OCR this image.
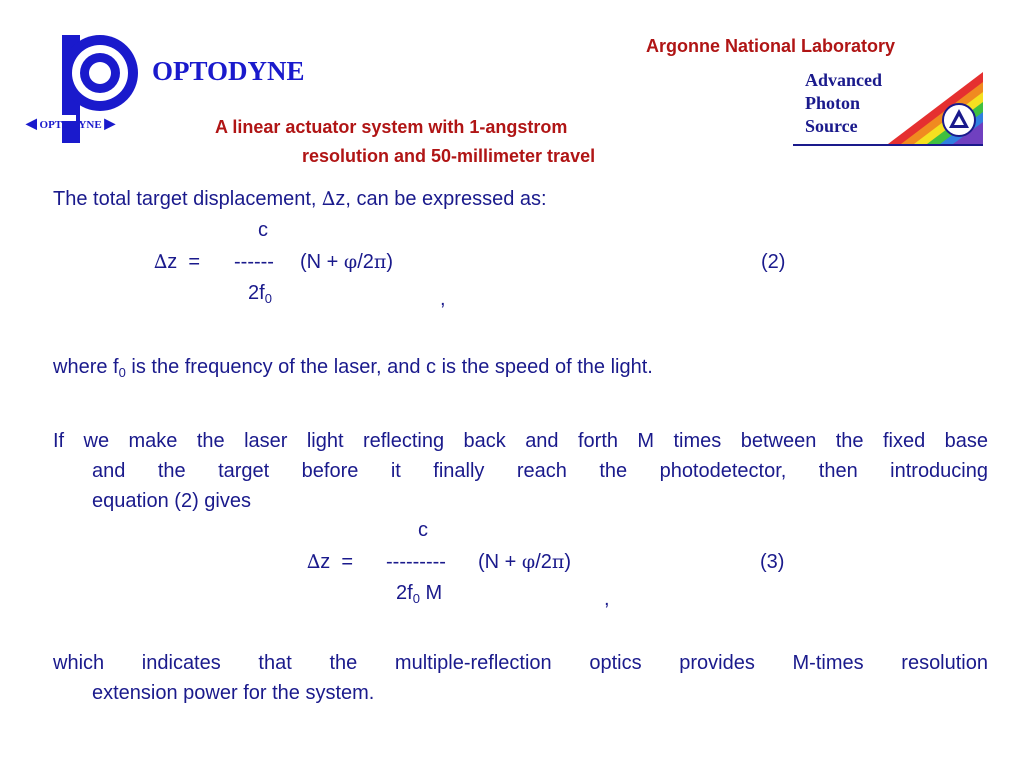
OPTODYNE
◀ OPTODYNE ▶
Argonne National Laboratory
Advanced
Photon
Source
A linear actuator system with 1-angstrom
resolution and 50-millimeter travel
The total target displacement, ∆z, can be expressed as:
c
∆z  = ------ (N + φ/2π)	(2)
$2f_0$	,
where $f_0$ is the frequency of the laser, and c is the speed of the light.
If we make the laser light reflecting back and forth M times between the fixed base
and the target before it finally reach the photodetector, then introducing
equation (2) gives
c
∆z  = --------- (N + φ/2π)	(3)
$2f_0$ M	,
which indicates that the multiple-reflection optics provides M-times resolution
extension power for the system.
